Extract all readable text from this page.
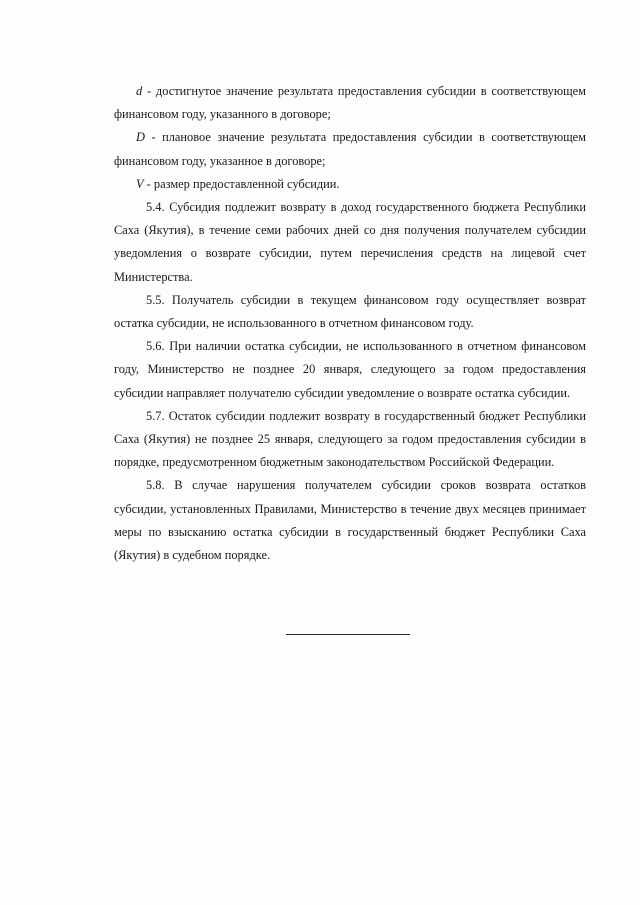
d - достигнутое значение результата предоставления субсидии в соответствующем финансовом году, указанного в договоре;

D - плановое значение результата предоставления субсидии в соответствующем финансовом году, указанное в договоре;

V - размер предоставленной субсидии.

5.4. Субсидия подлежит возврату в доход государственного бюджета Республики Саха (Якутия), в течение семи рабочих дней со дня получения получателем субсидии уведомления о возврате субсидии, путем перечисления средств на лицевой счет Министерства.

5.5. Получатель субсидии в текущем финансовом году осуществляет возврат остатка субсидии, не использованного в отчетном финансовом году.

5.6. При наличии остатка субсидии, не использованного в отчетном финансовом году, Министерство не позднее 20 января, следующего за годом предоставления субсидии направляет получателю субсидии уведомление о возврате остатка субсидии.

5.7. Остаток субсидии подлежит возврату в государственный бюджет Республики Саха (Якутия) не позднее 25 января, следующего за годом предоставления субсидии в порядке, предусмотренном бюджетным законодательством Российской Федерации.

5.8. В случае нарушения получателем субсидии сроков возврата остатков субсидии, установленных Правилами, Министерство в течение двух месяцев принимает меры по взысканию остатка субсидии в государственный бюджет Республики Саха (Якутия) в судебном порядке.
